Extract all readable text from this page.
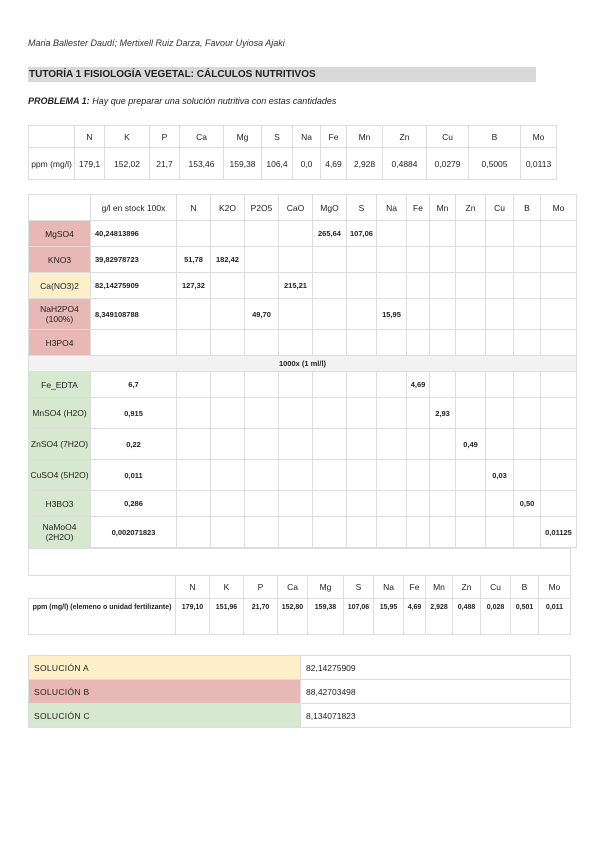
Maria Ballester Daudí; Mertixell Ruiz Darza, Favour Uyiosa Ajaki
TUTORÍA 1 FISIOLOGÍA VEGETAL: CÁLCULOS NUTRITIVOS
PROBLEMA 1: Hay que preparar una solución nutritiva con estas cantidades
	N	K	P	Ca	Mg	S	Na	Fe	Mn	Zn	Cu	B	Mo
ppm (mg/l)	179,1	152,02	21,7	153,46	159,38	106,4	0,0	4,69	2,928	0,4884	0,0279	0,5005	0,0113
	g/l en stock 100x	N	K2O	P2O5	CaO	MgO	S	Na	Fe	Mn	Zn	Cu	B	Mo
MgSO4	40,24813896					265,64	107,06							
KNO3	39,82978723	51,78	182,42											
Ca(NO3)2	82,14275909	127,32			215,21									
NaH2PO4 (100%)	8,349108788			49,70				15,95						
H3PO4														
1000x (1 ml/l)														
Fe_EDTA	6,7								4,69					
MnSO4 (H2O)	0,915									2,93				
ZnSO4 (7H2O)	0,22										0,49			
CuSO4 (5H2O)	0,011											0,03		
H3BO3	0,286												0,50	
NaMoO4 (2H2O)	0,002071823													0,01125

	N	K	P	Ca	Mg	S	Na	Fe	Mn	Zn	Cu	B	Mo
ppm (mg/l) (elemeno o unidad fertilizante)	179,10	151,96	21,70	152,80	159,38	107,06	15,95	4,69	2,928	0,488	0,028	0,501	0,011
SOLUCIÓN A	82,14275909
SOLUCIÓN B	88,42703498
SOLUCIÓN C	8,134071823
